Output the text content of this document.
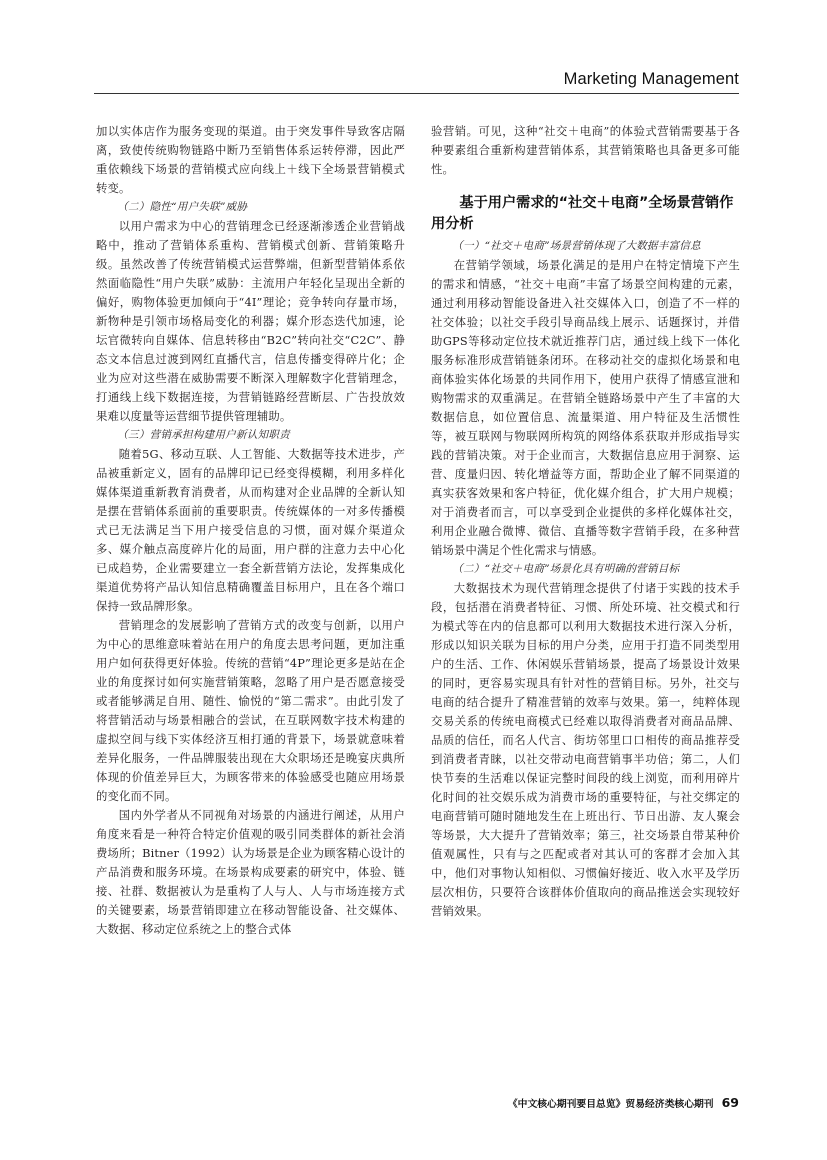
Marketing Management

加以实体店作为服务变现的渠道。由于突发事件导致客店隔离，致使传统购物链路中断乃至销售体系运转停滞，因此严重依赖线下场景的营销模式应向线上＋线下全场景营销模式转变。

（二）隐性“用户失联”威胁

以用户需求为中心的营销理念已经逐渐渗透企业营销战略中，推动了营销体系重构、营销模式创新、营销策略升级。虽然改善了传统营销模式运营弊端，但新型营销体系依然面临隐性“用户失联”威胁：主流用户年轻化呈现出全新的偏好，购物体验更加倾向于“4I”理论；竞争转向存量市场，新物种是引领市场格局变化的利器；媒介形态迭代加速，论坛官微转向自媒体、信息转移由“B2C”转向社交“C2C”、静态文本信息过渡到网红直播代言，信息传播变得碎片化；企业为应对这些潜在威胁需要不断深入理解数字化营销理念，打通线上线下数据连接，为营销链路经营断层、广告投放效果难以度量等运营细节提供管理辅助。

（三）营销承担构建用户新认知职责

随着5G、移动互联、人工智能、大数据等技术进步，产品被重新定义，固有的品牌印记已经变得模糊，利用多样化媒体渠道重新教育消费者，从而构建对企业品牌的全新认知是摆在营销体系面前的重要职责。传统媒体的一对多传播模式已无法满足当下用户接受信息的习惯，面对媒介渠道众多、媒介触点高度碎片化的局面，用户群的注意力去中心化已成趋势，企业需要建立一套全新营销方法论，发挥集成化渠道优势将产品认知信息精确覆盖目标用户，且在各个端口保持一致品牌形象。

营销理念的发展影响了营销方式的改变与创新，以用户为中心的思维意味着站在用户的角度去思考问题，更加注重用户如何获得更好体验。传统的营销“4P”理论更多是站在企业的角度探讨如何实施营销策略，忽略了用户是否愿意接受或者能够满足自用、随性、愉悦的“第二需求”。由此引发了将营销活动与场景相融合的尝试，在互联网数字技术构建的虚拟空间与线下实体经济互相打通的背景下，场景就意味着差异化服务，一件品牌服装出现在大众职场还是晚宴庆典所体现的价值差异巨大，为顾客带来的体验感受也随应用场景的变化而不同。

国内外学者从不同视角对场景的内涵进行阐述，从用户角度来看是一种符合特定价值观的吸引同类群体的新社会消费场所；Bitner（1992）认为场景是企业为顾客精心设计的产品消费和服务环境。在场景构成要素的研究中，体验、链接、社群、数据被认为是重构了人与人、人与市场连接方式的关键要素，场景营销即建立在移动智能设备、社交媒体、大数据、移动定位系统之上的整合式体

验营销。可见，这种“社交＋电商”的体验式营销需要基于各种要素组合重新构建营销体系，其营销策略也具备更多可能性。

基于用户需求的“社交＋电商”全场景营销作用分析

（一）“社交＋电商”场景营销体现了大数据丰富信息

在营销学领域，场景化满足的是用户在特定情境下产生的需求和情感，“社交＋电商”丰富了场景空间构建的元素，通过利用移动智能设备进入社交媒体入口，创造了不一样的社交体验；以社交手段引导商品线上展示、话题探讨，并借助GPS等移动定位技术就近推荐门店，通过线上线下一体化服务标准形成营销链条闭环。在移动社交的虚拟化场景和电商体验实体化场景的共同作用下，使用户获得了情感宣泄和购物需求的双重满足。在营销全链路场景中产生了丰富的大数据信息，如位置信息、流量渠道、用户特征及生活惯性等，被互联网与物联网所构筑的网络体系获取并形成指导实践的营销决策。对于企业而言，大数据信息应用于洞察、运营、度量归因、转化增益等方面，帮助企业了解不同渠道的真实获客效果和客户特征，优化媒介组合，扩大用户规模；对于消费者而言，可以享受到企业提供的多样化媒体社交，利用企业融合微博、微信、直播等数字营销手段，在多种营销场景中满足个性化需求与情感。

（二）“社交＋电商”场景化具有明确的营销目标

大数据技术为现代营销理念提供了付诸于实践的技术手段，包括潜在消费者特征、习惯、所处环境、社交模式和行为模式等在内的信息都可以利用大数据技术进行深入分析，形成以知识关联为目标的用户分类，应用于打造不同类型用户的生活、工作、休闲娱乐营销场景，提高了场景设计效果的同时，更容易实现具有针对性的营销目标。另外，社交与电商的结合提升了精准营销的效率与效果。第一，纯粹体现交易关系的传统电商模式已经难以取得消费者对商品品牌、品质的信任，而名人代言、街坊邻里口口相传的商品推荐受到消费者青睐，以社交带动电商营销事半功倍；第二，人们快节奏的生活难以保证完整时间段的线上浏览，而利用碎片化时间的社交娱乐成为消费市场的重要特征，与社交绑定的电商营销可随时随地发生在上班出行、节日出游、友人聚会等场景，大大提升了营销效率；第三，社交场景自带某种价值观属性，只有与之匹配或者对其认可的客群才会加入其中，他们对事物认知相似、习惯偏好接近、收入水平及学历层次相仿，只要符合该群体价值取向的商品推送会实现较好营销效果。

《中文核心期刊要目总览》贸易经济类核心期刊 69
